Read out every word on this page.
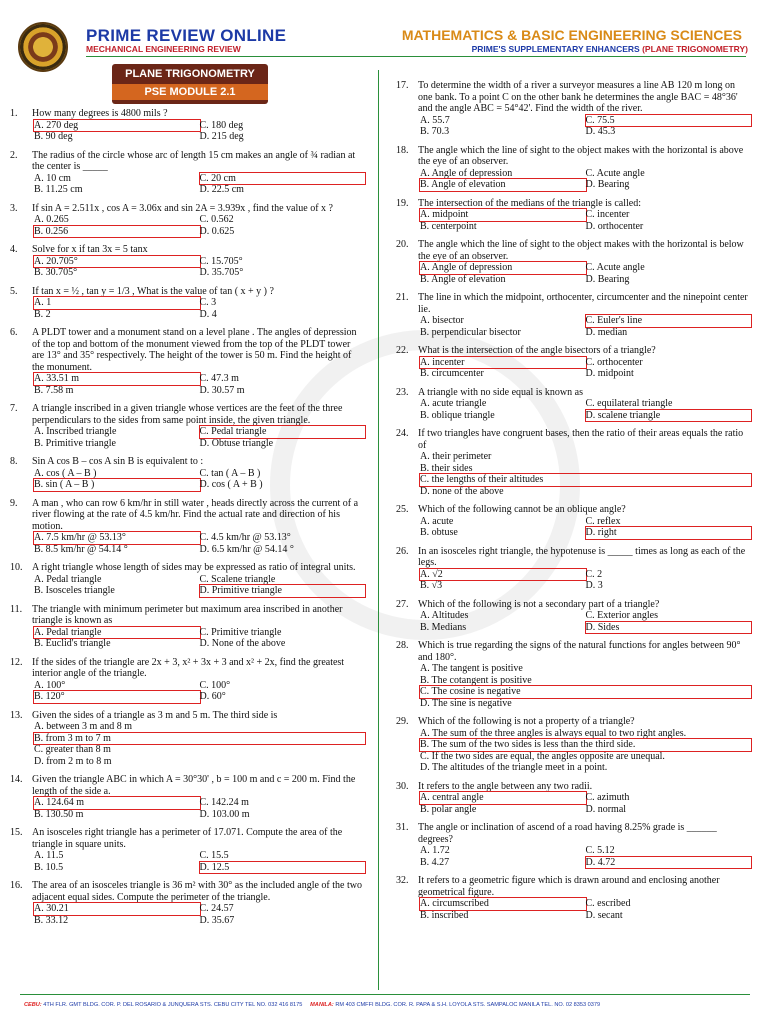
PRIME REVIEW ONLINE
MECHANICAL ENGINEERING REVIEW
MATHEMATICS & BASIC ENGINEERING SCIENCES
PRIME'S SUPPLEMENTARY ENHANCERS (PLANE TRIGONOMETRY)
PLANE TRIGONOMETRY
PSE MODULE 2.1
1.	How many degrees is 4800 mils ?
A. 270 deg	C. 180 deg
B. 90 deg	D. 215 deg
2.	The radius of the circle whose arc of length 15 cm makes an angle of ¾ radian at the center is _____
A. 10 cm	C. 20 cm
B. 11.25 cm	D. 22.5 cm
3.	If sin A = 2.511x , cos A = 3.06x and sin 2A = 3.939x , find the value of x ?
A. 0.265	C. 0.562
B. 0.256	D. 0.625
4.	Solve for x if tan 3x = 5 tanx
A. 20.705°	C. 15.705°
B. 30.705°	D. 35.705°
5.	If tan x = ½ , tan y = 1/3 , What is the value of tan ( x + y ) ?
A. 1	C. 3
B. 2	D. 4
6.	A PLDT tower and a monument stand on a level plane . The angles of depression of the top and bottom of the monument viewed from the top of the PLDT tower are 13° and 35° respectively. The height of the tower is 50 m. Find the height of the monument.
A. 33.51 m	C. 47.3 m
B. 7.58 m	D. 30.57 m
7.	A triangle inscribed in a given triangle whose vertices are the feet of the three perpendiculars to the sides from same point inside, the given triangle.
A. Inscribed triangle	C. Pedal triangle
B. Primitive triangle	D. Obtuse triangle
8.	Sin A cos B – cos A sin B is equivalent to :
A. cos ( A – B )	C. tan ( A – B )
B. sin ( A – B )	D. cos ( A + B )
9.	A man , who can row 6 km/hr in still water , heads directly across the current of a river flowing at the rate of 4.5 km/hr. Find the actual rate and direction of his motion.
A. 7.5 km/hr @ 53.13°	C. 4.5 km/hr @ 53.13°
B. 8.5 km/hr @ 54.14 °	D. 6.5 km/hr @ 54.14 °
10. A right triangle whose length of sides may be expressed as ratio of integral units.
A. Pedal triangle	C. Scalene triangle
B. Isosceles triangle	D. Primitive triangle
11. The triangle with minimum perimeter but maximum area inscribed in another triangle is known as
A. Pedal triangle	C. Primitive triangle
B. Euclid's triangle	D. None of the above
12. If the sides of the triangle are 2x + 3, x² + 3x + 3 and x² + 2x, find the greatest interior angle of the triangle.
A. 100°	C. 100°
B. 120°	D. 60°
13. Given the sides of a triangle as 3 m and 5 m. The third side is
A. between 3 m and 8 m
B. from 3 m to 7 m
C. greater than 8 m
D. from 2 m to 8 m
14. Given the triangle ABC in which A = 30°30' , b = 100 m and c = 200 m. Find the length of the side a.
A. 124.64 m	C. 142.24 m
B. 130.50 m	D. 103.00 m
15. An isosceles right triangle has a perimeter of 17.071. Compute the area of the triangle in square units.
A. 11.5	C. 15.5
B. 10.5	D. 12.5
16. The area of an isosceles triangle is 36 m² with 30° as the included angle of the two adjacent equal sides. Compute the perimeter of the triangle.
A. 30.21	C. 24.57
B. 33.12	D. 35.67
17. To determine the width of a river a surveyor measures a line AB 120 m long on one bank. To a point C on the other bank he determines the angle BAC = 48°36' and the angle ABC = 54°42'. Find the width of the river.
A. 55.7	C. 75.5
B. 70.3	D. 45.3
18. The angle which the line of sight to the object makes with the horizontal is above the eye of an observer.
A. Angle of depression	C. Acute angle
B. Angle of elevation	D. Bearing
19. The intersection of the medians of the triangle is called:
A. midpoint	C. incenter
B. centerpoint	D. orthocenter
20. The angle which the line of sight to the object makes with the horizontal is below the eye of an observer.
A. Angle of depression	C. Acute angle
B. Angle of elevation	D. Bearing
21. The line in which the midpoint, orthocenter, circumcenter and the ninepoint center lie.
A. bisector	C. Euler's line
B. perpendicular bisector	D. median
22. What is the intersection of the angle bisectors of a triangle?
A. incenter	C. orthocenter
B. circumcenter	D. midpoint
23. A triangle with no side equal is known as
A. acute triangle	C. equilateral triangle
B. oblique triangle	D. scalene triangle
24. If two triangles have congruent bases, then the ratio of their areas equals the ratio of
A. their perimeter
B. their sides
C. the lengths of their altitudes
D. none of the above
25. Which of the following cannot be an oblique angle?
A. acute	C. reflex
B. obtuse	D. right
26. In an isosceles right triangle, the hypotenuse is _____ times as long as each of the legs.
A. √2	C. 2
B. √3	D. 3
27. Which of the following is not a secondary part of a triangle?
A. Altitudes	C. Exterior angles
B. Medians	D. Sides
28. Which is true regarding the signs of the natural functions for angles between 90° and 180°.
A. The tangent is positive
B. The cotangent is positive
C. The cosine is negative
D. The sine is negative
29. Which of the following is not a property of a triangle?
A. The sum of the three angles is always equal to two right angles.
B. The sum of the two sides is less than the third side.
C. If the two sides are equal, the angles opposite are unequal.
D. The altitudes of the triangle meet in a point.
30. It refers to the angle between any two radii.
A. central angle	C. azimuth
B. polar angle	D. normal
31. The angle or inclination of ascend of a road having 8.25% grade is ______ degrees?
A. 1.72	C. 5.12
B. 4.27	D. 4.72
32. It refers to a geometric figure which is drawn around and enclosing another geometrical figure.
A. circumscribed	C. escribed
B. inscribed	D. secant
CEBU: 4TH FLR. GMT BLDG. COR. P. DEL ROSARIO & JUNQUERA STS. CEBU CITY TEL NO. 032 416 8175 MANILA: RM 403 CMFFI BLDG. COR. R. PAPA & S.H. LOYOLA STS. SAMPALOC MANILA TEL. NO. 02 8353 0379
